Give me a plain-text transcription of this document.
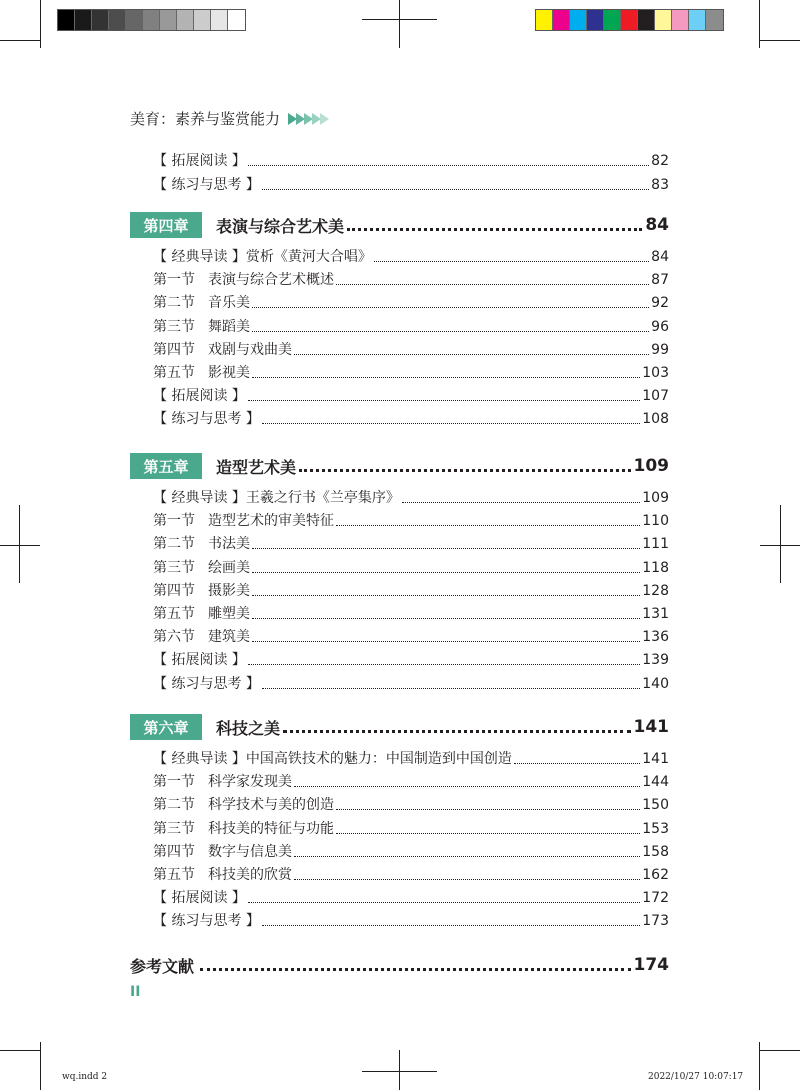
美育：素养与鉴赏能力
【 拓展阅读 】	82
【 练习与思考 】	83
第四章	表演与综合艺术美	84
【 经典导读 】赏析《黄河大合唱》	84
第一节 表演与综合艺术概述	87
第二节 音乐美	92
第三节 舞蹈美	96
第四节 戏剧与戏曲美	99
第五节 影视美	103
【 拓展阅读 】	107
【 练习与思考 】	108
第五章	造型艺术美	109
【 经典导读 】王羲之行书《兰亭集序》	109
第一节 造型艺术的审美特征	110
第二节 书法美	111
第三节 绘画美	118
第四节 摄影美	128
第五节 雕塑美	131
第六节 建筑美	136
【 拓展阅读 】	139
【 练习与思考 】	140
第六章	科技之美	141
【 经典导读 】中国高铁技术的魅力：中国制造到中国创造	141
第一节 科学家发现美	144
第二节 科学技术与美的创造	150
第三节 科技美的特征与功能	153
第四节 数字与信息美	158
第五节 科技美的欣赏	162
【 拓展阅读 】	172
【 练习与思考 】	173
参考文献	174
II
wq.indd 2	2022/10/27 10:07:17
